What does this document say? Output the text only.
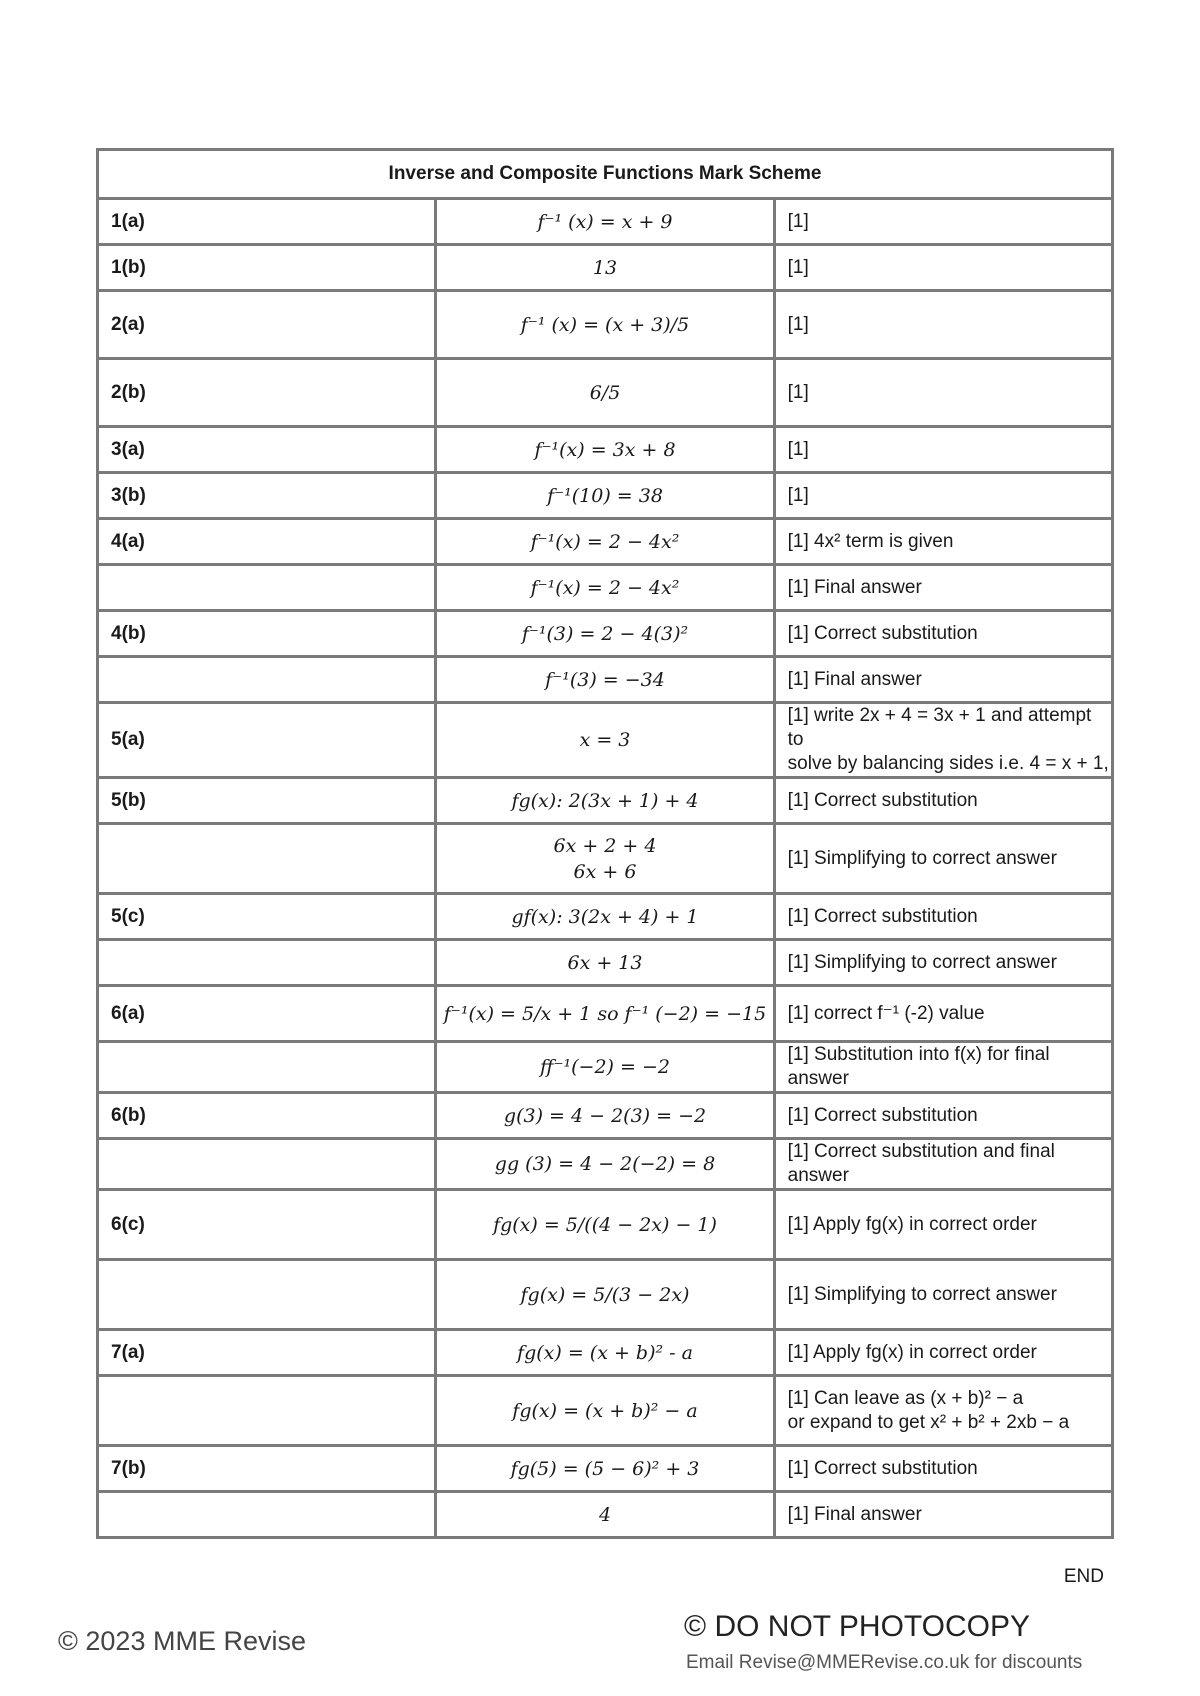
Inverse and Composite Functions Mark Scheme		
1(a)	f⁻¹ (x) = x + 9	[1]

1(b)	13	[1]

2(a)	f⁻¹ (x) = (x + 3)/5	[1]

2(b)	6/5	[1]

3(a)	f⁻¹(x) = 3x + 8	[1]

3(b)	f⁻¹(10) = 38	[1]

4(a)	f⁻¹(x) = 2 − 4x²	[1] 4x² term is given

	f⁻¹(x) = 2 − 4x²	[1] Final answer

4(b)	f⁻¹(3) = 2 − 4(3)²	[1] Correct substitution

	f⁻¹(3) = −34	[1] Final answer

5(a)	x = 3	[1] write 2x + 4 = 3x + 1 and attempt to
solve by balancing sides i.e. 4 = x + 1,

5(b)	fg(x): 2(3x + 1) + 4	[1] Correct substitution

	6x + 2 + 4
6x + 6	[1] Simplifying to correct answer

5(c)	gf(x): 3(2x + 4) + 1	[1] Correct substitution

	6x + 13	[1] Simplifying to correct answer

6(a)	f⁻¹(x) = 5/x + 1 so f⁻¹ (−2) = −15	[1] correct f⁻¹ (-2) value

	ff⁻¹(−2) = −2	[1] Substitution into f(x) for final answer

6(b)	g(3) = 4 − 2(3) = −2	[1] Correct substitution

	gg (3) = 4 − 2(−2) = 8	[1] Correct substitution and final answer

6(c)	fg(x) = 5/((4 − 2x) − 1)	[1] Apply fg(x) in correct order

	fg(x) = 5/(3 − 2x)	[1] Simplifying to correct answer

7(a)	fg(x) = (x + b)² - a	[1] Apply fg(x) in correct order

	fg(x) = (x + b)² − a	[1] Can leave as (x + b)² − a
or expand to get x² + b² + 2xb − a

7(b)	fg(5) = (5 − 6)² + 3	[1] Correct substitution

	4	[1] Final answer
END
© 2023 MME Revise	© DO NOT PHOTOCOPY
Email Revise@MMERevise.co.uk for discounts
